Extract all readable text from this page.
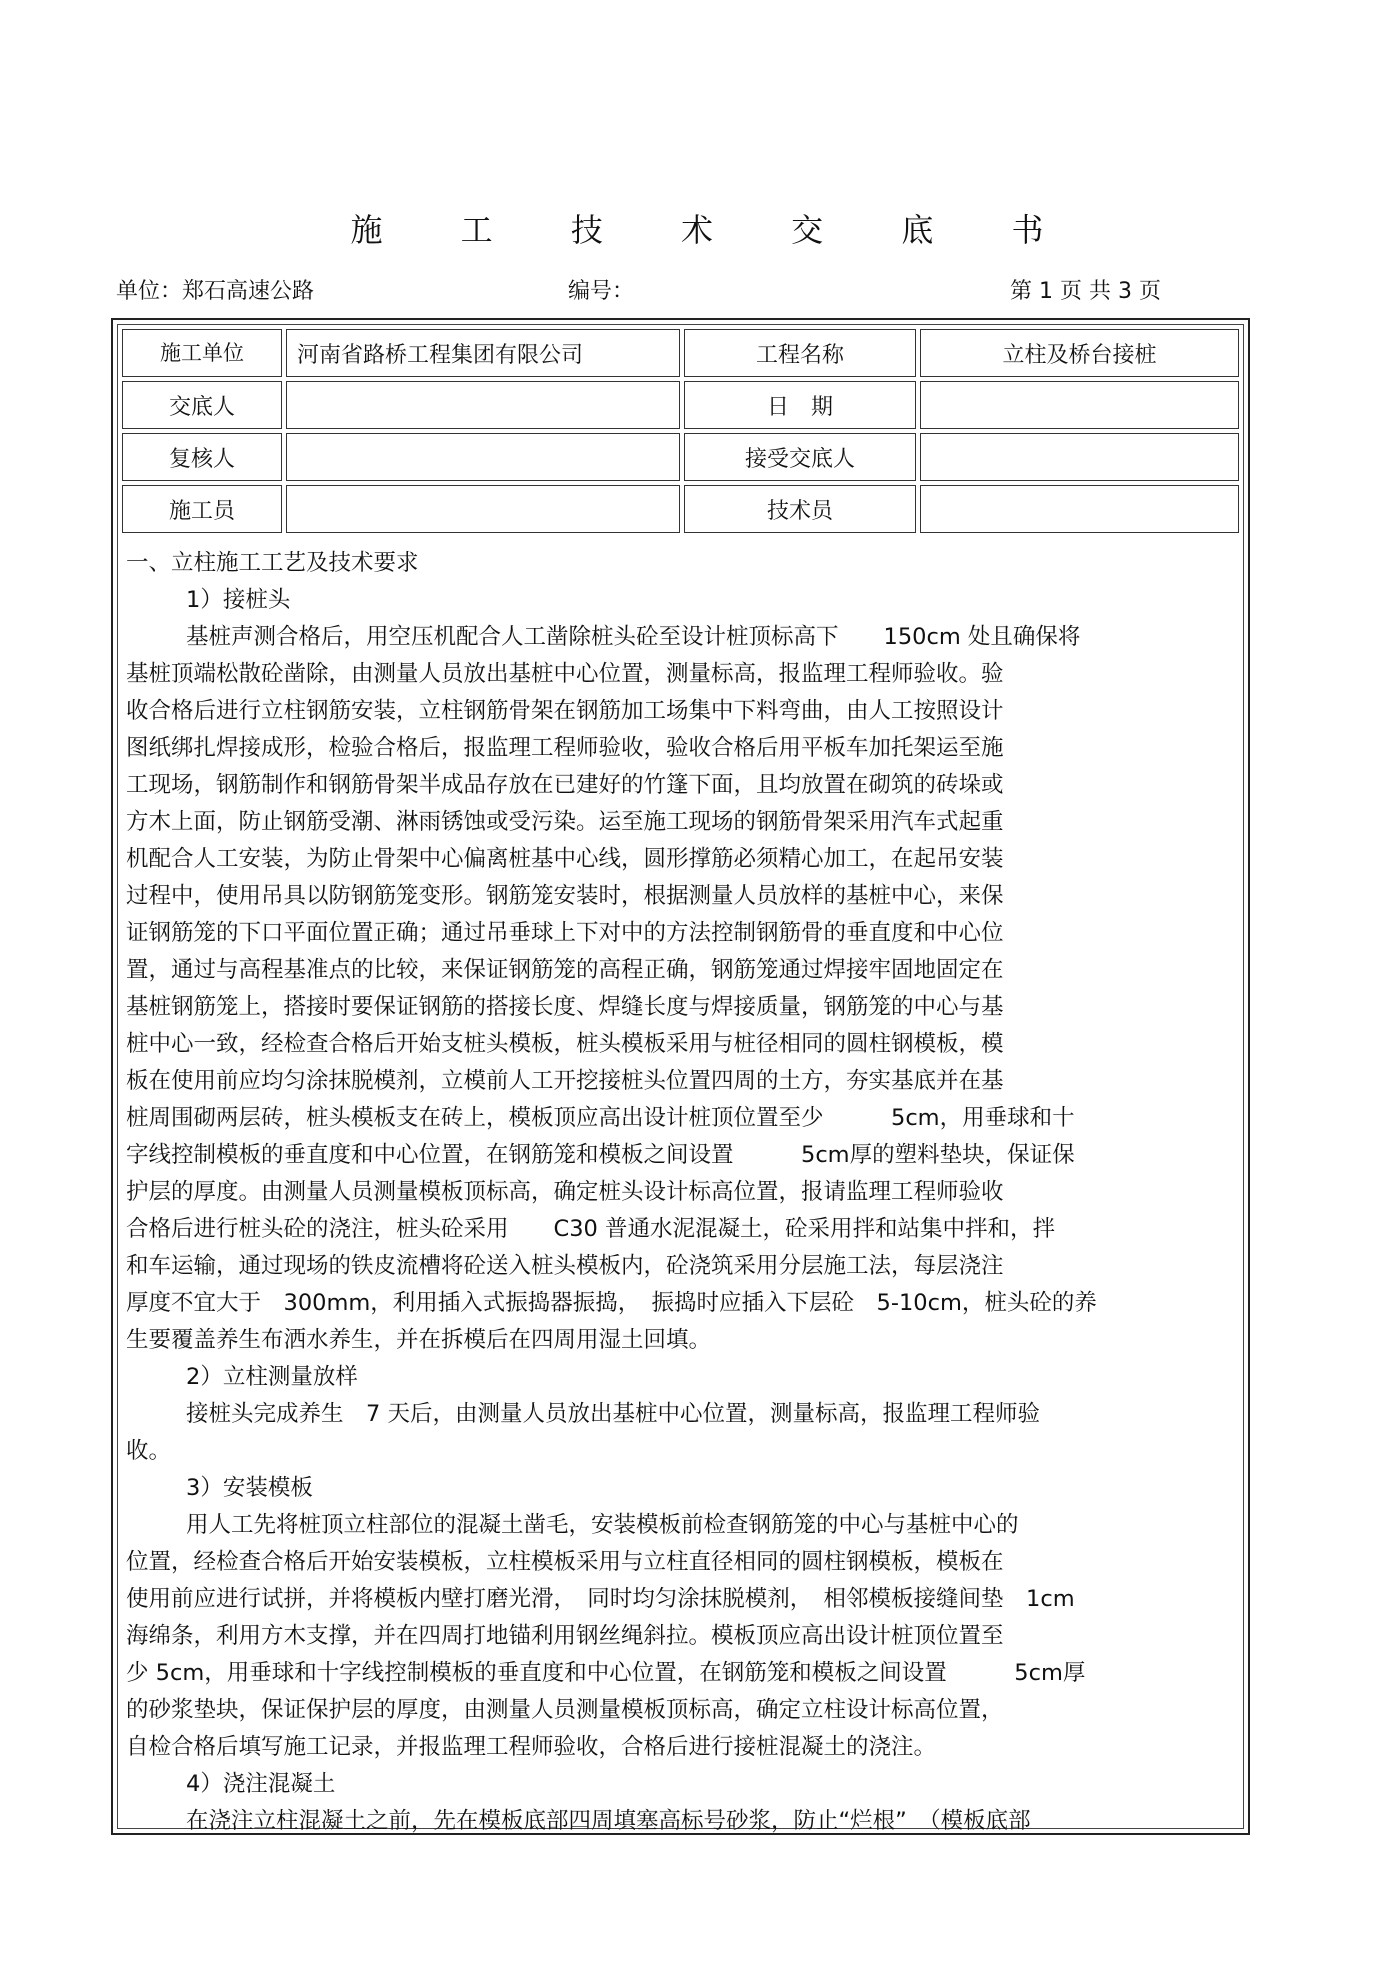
施 工 技 术 交 底 书
单位：郑石高速公路	编号：	第 1 页 共 3 页
施工单位	河南省路桥工程集团有限公司	工程名称	立柱及桥台接桩
交底人		日　期	
复核人		接受交底人	
施工员		技术员	

一、立柱施工工艺及技术要求

1）接桩头

基桩声测合格后，用空压机配合人工凿除桩头砼至设计桩顶标高下　　150cm 处且确保将

基桩顶端松散砼凿除，由测量人员放出基桩中心位置，测量标高，报监理工程师验收。验

收合格后进行立柱钢筋安装，立柱钢筋骨架在钢筋加工场集中下料弯曲，由人工按照设计

图纸绑扎焊接成形，检验合格后，报监理工程师验收，验收合格后用平板车加托架运至施

工现场，钢筋制作和钢筋骨架半成品存放在已建好的竹篷下面，且均放置在砌筑的砖垛或

方木上面，防止钢筋受潮、淋雨锈蚀或受污染。运至施工现场的钢筋骨架采用汽车式起重

机配合人工安装，为防止骨架中心偏离桩基中心线，圆形撑筋必须精心加工，在起吊安装

过程中，使用吊具以防钢筋笼变形。钢筋笼安装时，根据测量人员放样的基桩中心，来保

证钢筋笼的下口平面位置正确；通过吊垂球上下对中的方法控制钢筋骨的垂直度和中心位

置，通过与高程基准点的比较，来保证钢筋笼的高程正确，钢筋笼通过焊接牢固地固定在

基桩钢筋笼上，搭接时要保证钢筋的搭接长度、焊缝长度与焊接质量，钢筋笼的中心与基

桩中心一致，经检查合格后开始支桩头模板，桩头模板采用与桩径相同的圆柱钢模板，模

板在使用前应均匀涂抹脱模剂，立模前人工开挖接桩头位置四周的土方，夯实基底并在基

桩周围砌两层砖，桩头模板支在砖上，模板顶应高出设计桩顶位置至少　　　5cm，用垂球和十

字线控制模板的垂直度和中心位置，在钢筋笼和模板之间设置　　　5cm厚的塑料垫块，保证保

护层的厚度。由测量人员测量模板顶标高，确定桩头设计标高位置，报请监理工程师验收

合格后进行桩头砼的浇注，桩头砼采用　　C30 普通水泥混凝土，砼采用拌和站集中拌和，拌

和车运输，通过现场的铁皮流槽将砼送入桩头模板内，砼浇筑采用分层施工法，每层浇注

厚度不宜大于　300mm，利用插入式振捣器振捣，　振捣时应插入下层砼　5-10cm，桩头砼的养

生要覆盖养生布洒水养生，并在拆模后在四周用湿土回填。

2）立柱测量放样

接桩头完成养生　7 天后，由测量人员放出基桩中心位置，测量标高，报监理工程师验

收。

3）安装模板

用人工先将桩顶立柱部位的混凝土凿毛，安装模板前检查钢筋笼的中心与基桩中心的

位置，经检查合格后开始安装模板，立柱模板采用与立柱直径相同的圆柱钢模板，模板在

使用前应进行试拼，并将模板内壁打磨光滑，　同时均匀涂抹脱模剂，　相邻模板接缝间垫　1cm

海绵条，利用方木支撑，并在四周打地锚利用钢丝绳斜拉。模板顶应高出设计桩顶位置至

少 5cm，用垂球和十字线控制模板的垂直度和中心位置，在钢筋笼和模板之间设置　　　5cm厚

的砂浆垫块，保证保护层的厚度，由测量人员测量模板顶标高，确定立柱设计标高位置，

自检合格后填写施工记录，并报监理工程师验收，合格后进行接桩混凝土的浇注。

4）浇注混凝土

在浇注立柱混凝土之前，先在模板底部四周填塞高标号砂浆，防止“烂根”　（模板底部
